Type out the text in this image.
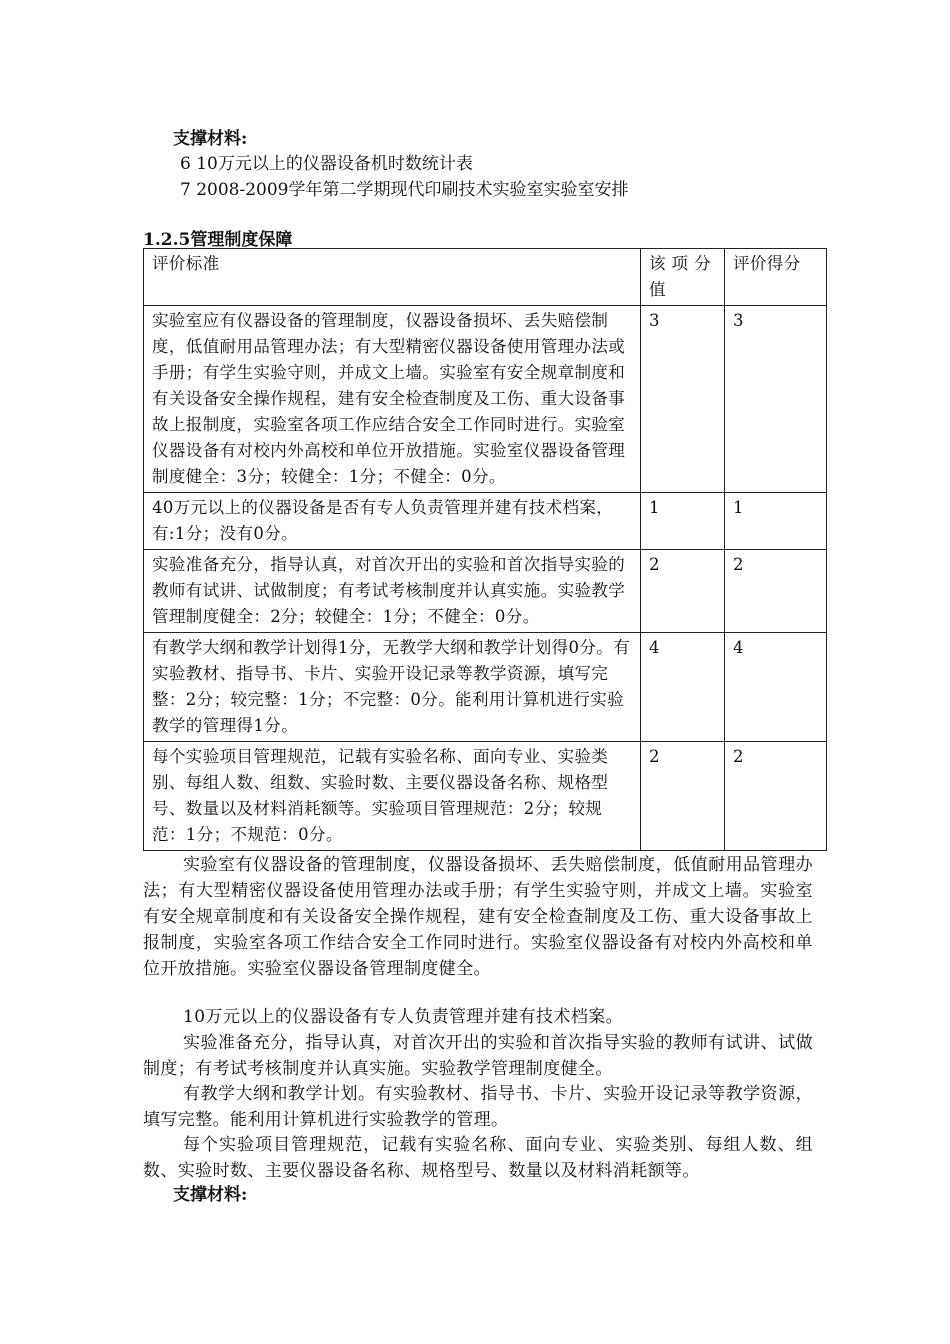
支撑材料:
6 10万元以上的仪器设备机时数统计表
7 2008-2009学年第二学期现代印刷技术实验室实验室安排
1.2.5管理制度保障
评价标准	该 项 分 值	评价得分
实验室应有仪器设备的管理制度，仪器设备损坏、丢失赔偿制度，低值耐用品管理办法；有大型精密仪器设备使用管理办法或手册；有学生实验守则，并成文上墙。实验室有安全规章制度和有关设备安全操作规程，建有安全检查制度及工伤、重大设备事故上报制度，实验室各项工作应结合安全工作同时进行。实验室仪器设备有对校内外高校和单位开放措施。实验室仪器设备管理制度健全：3分；较健全：1分；不健全：0分。	3	3
40万元以上的仪器设备是否有专人负责管理并建有技术档案，有:1分；没有0分。	1	1
实验准备充分，指导认真，对首次开出的实验和首次指导实验的教师有试讲、试做制度；有考试考核制度并认真实施。实验教学管理制度健全：2分；较健全：1分；不健全：0分。	2	2
有教学大纲和教学计划得1分，无教学大纲和教学计划得0分。有实验教材、指导书、卡片、实验开设记录等教学资源，填写完整：2分；较完整：1分；不完整：0分。能利用计算机进行实验教学的管理得1分。	4	4
每个实验项目管理规范，记载有实验名称、面向专业、实验类别、每组人数、组数、实验时数、主要仪器设备名称、规格型号、数量以及材料消耗额等。实验项目管理规范：2分；较规范：1分；不规范：0分。	2	2
实验室有仪器设备的管理制度，仪器设备损坏、丢失赔偿制度，低值耐用品管理办法；有大型精密仪器设备使用管理办法或手册；有学生实验守则，并成文上墙。实验室有安全规章制度和有关设备安全操作规程，建有安全检查制度及工伤、重大设备事故上报制度，实验室各项工作结合安全工作同时进行。实验室仪器设备有对校内外高校和单位开放措施。实验室仪器设备管理制度健全。
10万元以上的仪器设备有专人负责管理并建有技术档案。
实验准备充分，指导认真，对首次开出的实验和首次指导实验的教师有试讲、试做制度；有考试考核制度并认真实施。实验教学管理制度健全。
有教学大纲和教学计划。有实验教材、指导书、卡片、实验开设记录等教学资源，填写完整。能利用计算机进行实验教学的管理。
每个实验项目管理规范，记载有实验名称、面向专业、实验类别、每组人数、组数、实验时数、主要仪器设备名称、规格型号、数量以及材料消耗额等。
支撑材料:
